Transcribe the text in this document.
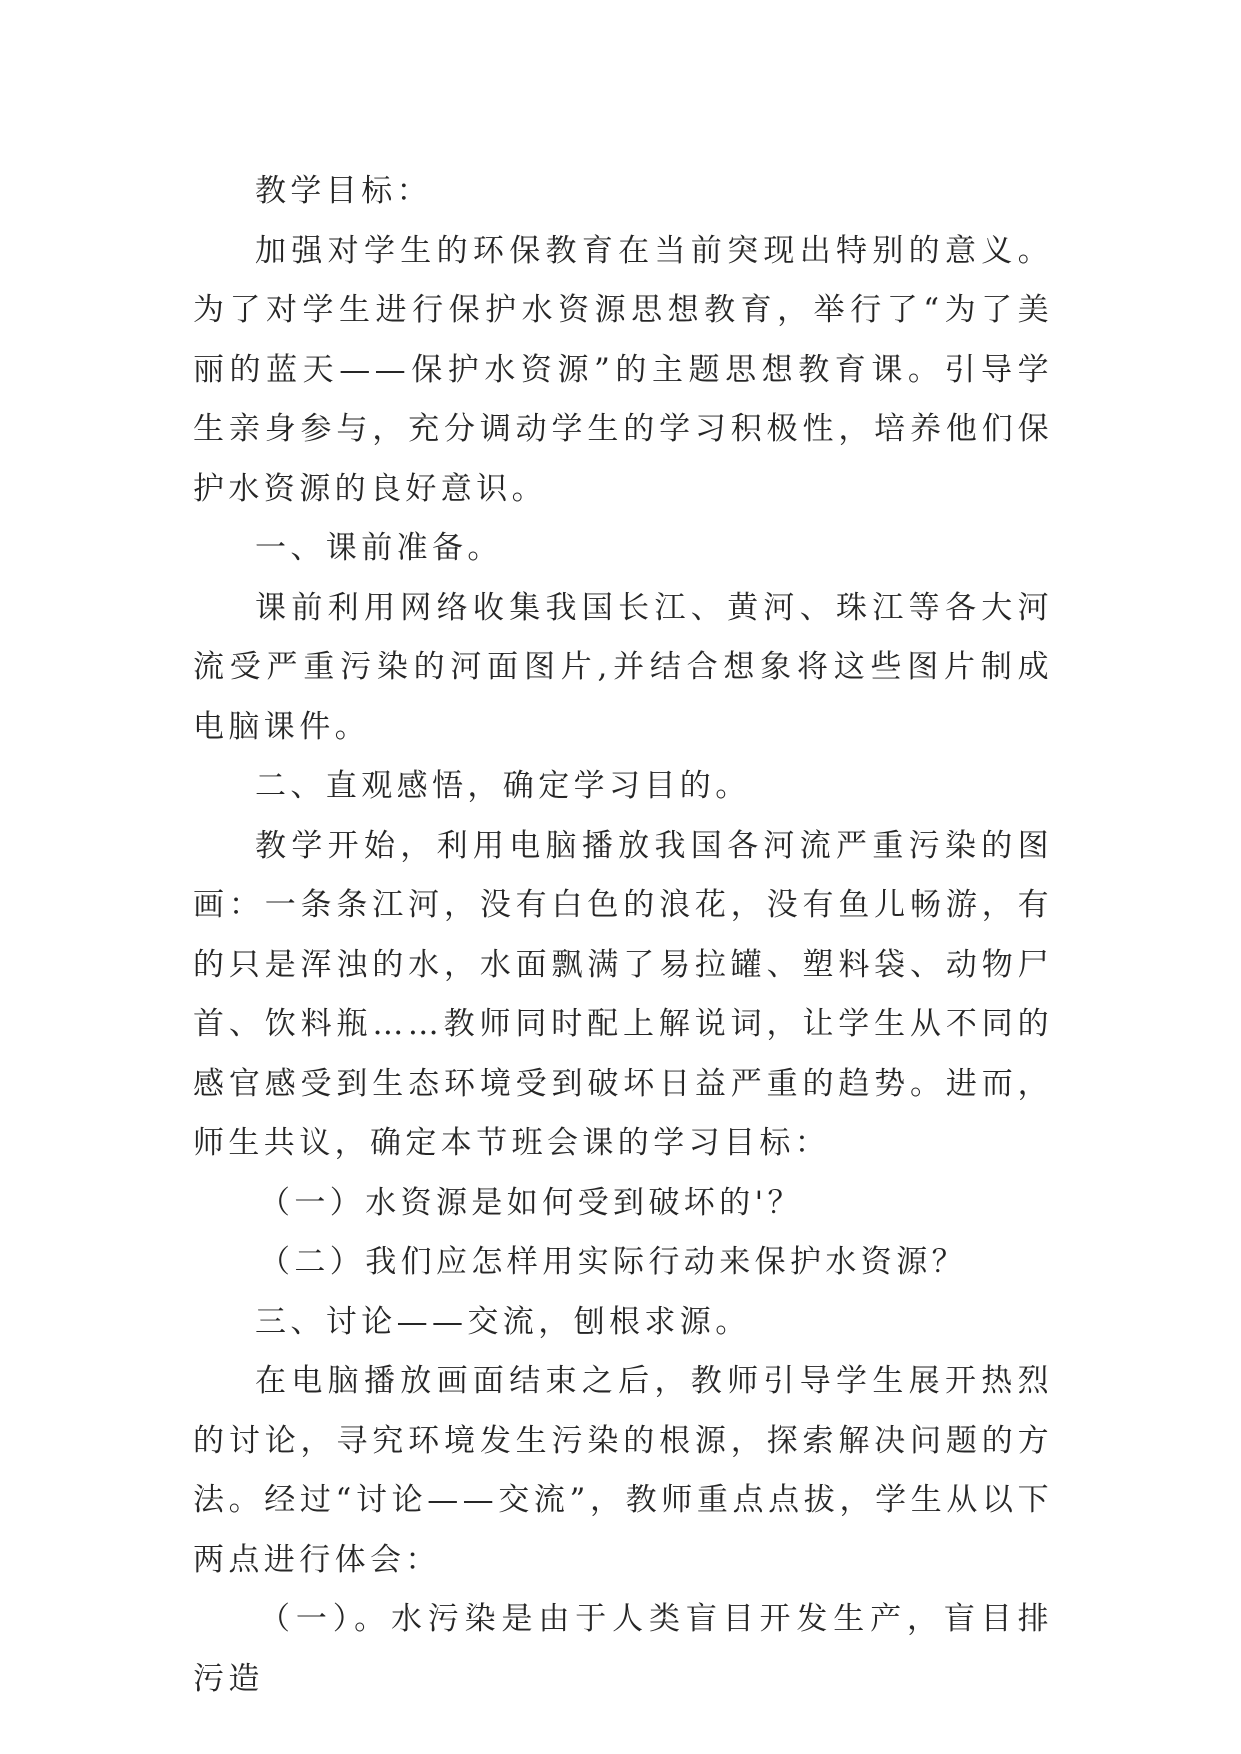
教学目标：

加强对学生的环保教育在当前突现出特别的意义。为了对学生进行保护水资源思想教育，举行了“为了美丽的蓝天——保护水资源”的主题思想教育课。引导学生亲身参与，充分调动学生的学习积极性，培养他们保护水资源的良好意识。

一、课前准备。

课前利用网络收集我国长江、黄河、珠江等各大河流受严重污染的河面图片,并结合想象将这些图片制成电脑课件。

二、直观感悟，确定学习目的。

教学开始，利用电脑播放我国各河流严重污染的图画：一条条江河，没有白色的浪花，没有鱼儿畅游，有的只是浑浊的水，水面飘满了易拉罐、塑料袋、动物尸首、饮料瓶……教师同时配上解说词，让学生从不同的感官感受到生态环境受到破坏日益严重的趋势。进而，师生共议，确定本节班会课的学习目标：

（一）水资源是如何受到破坏的'？

（二）我们应怎样用实际行动来保护水资源？

三、讨论——交流，刨根求源。

在电脑播放画面结束之后，教师引导学生展开热烈的讨论，寻究环境发生污染的根源，探索解决问题的方法。经过“讨论——交流”，教师重点点拔，学生从以下两点进行体会：

（一）。水污染是由于人类盲目开发生产，盲目排污造
